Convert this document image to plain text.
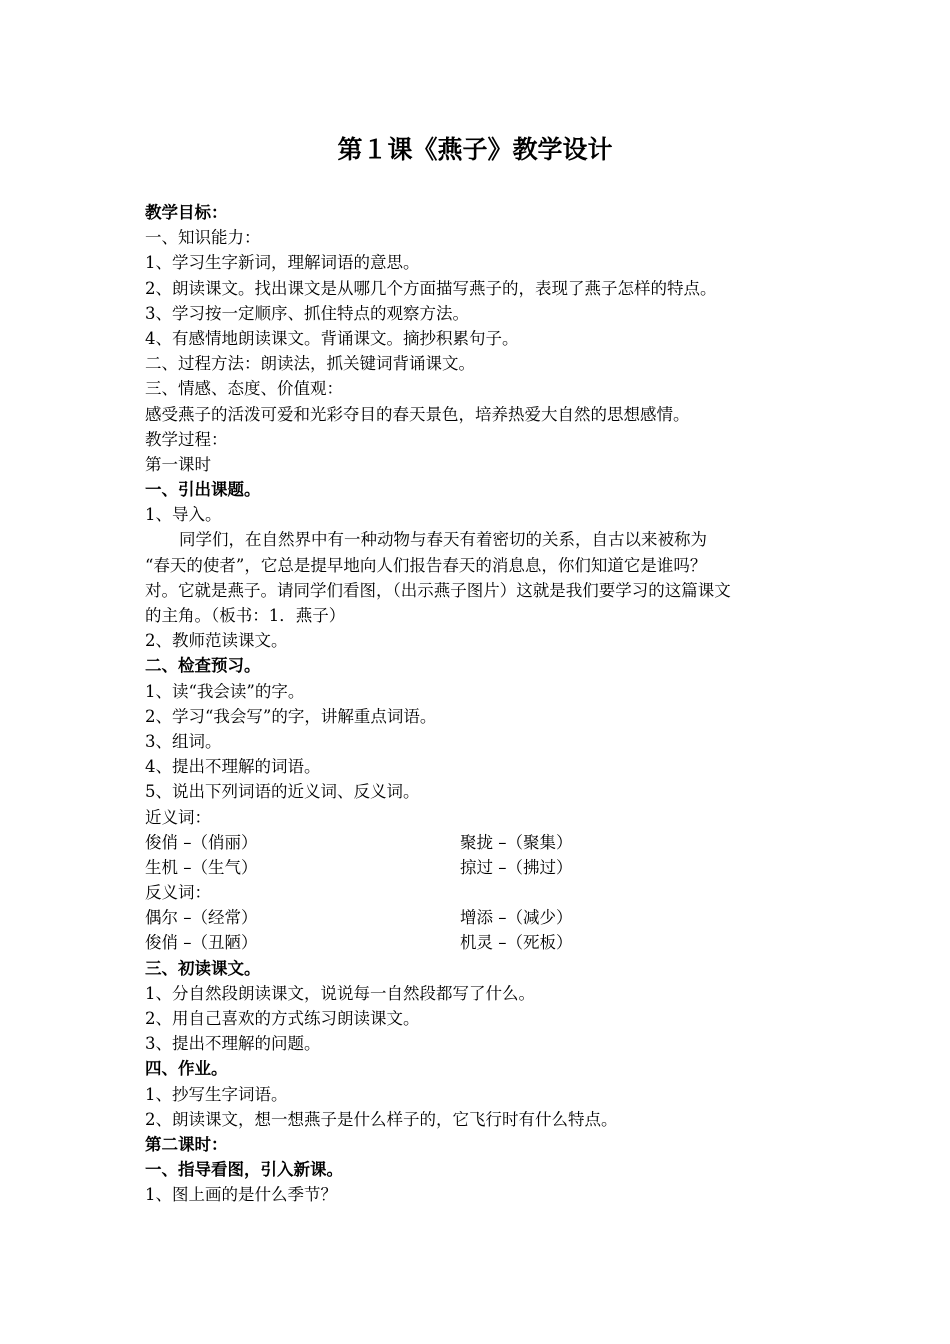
第１课《燕子》教学设计
教学目标：
一、知识能力：
1、学习生字新词，理解词语的意思。
2、朗读课文。找出课文是从哪几个方面描写燕子的，表现了燕子怎样的特点。
3、学习按一定顺序、抓住特点的观察方法。
4、有感情地朗读课文。背诵课文。摘抄积累句子。
二、过程方法：朗读法，抓关键词背诵课文。
三、情感、态度、价值观：
感受燕子的活泼可爱和光彩夺目的春天景色，培养热爱大自然的思想感情。
教学过程：
第一课时
一、引出课题。
1、导入。
同学们，在自然界中有一种动物与春天有着密切的关系，自古以来被称为
“春天的使者”，它总是提早地向人们报告春天的消息息，你们知道它是谁吗？
对。它就是燕子。请同学们看图，（出示燕子图片）这就是我们要学习的这篇课文
的主角。（板书：1．燕子）
2、教师范读课文。
二、检查预习。
1、读“我会读”的字。
2、学习“我会写”的字，讲解重点词语。
3、组词。
4、提出不理解的词语。
5、说出下列词语的近义词、反义词。
近义词：
俊俏 –（俏丽）	聚拢 –（聚集）
生机 –（生气）	掠过 –（拂过）
反义词：
偶尔 –（经常）	增添 –（减少）
俊俏 –（丑陋）	机灵 –（死板）
三、初读课文。
1、分自然段朗读课文，说说每一自然段都写了什么。
2、用自己喜欢的方式练习朗读课文。
3、提出不理解的问题。
四、作业。
1、抄写生字词语。
2、朗读课文，想一想燕子是什么样子的，它飞行时有什么特点。
第二课时：
一、指导看图，引入新课。
1、图上画的是什么季节？
